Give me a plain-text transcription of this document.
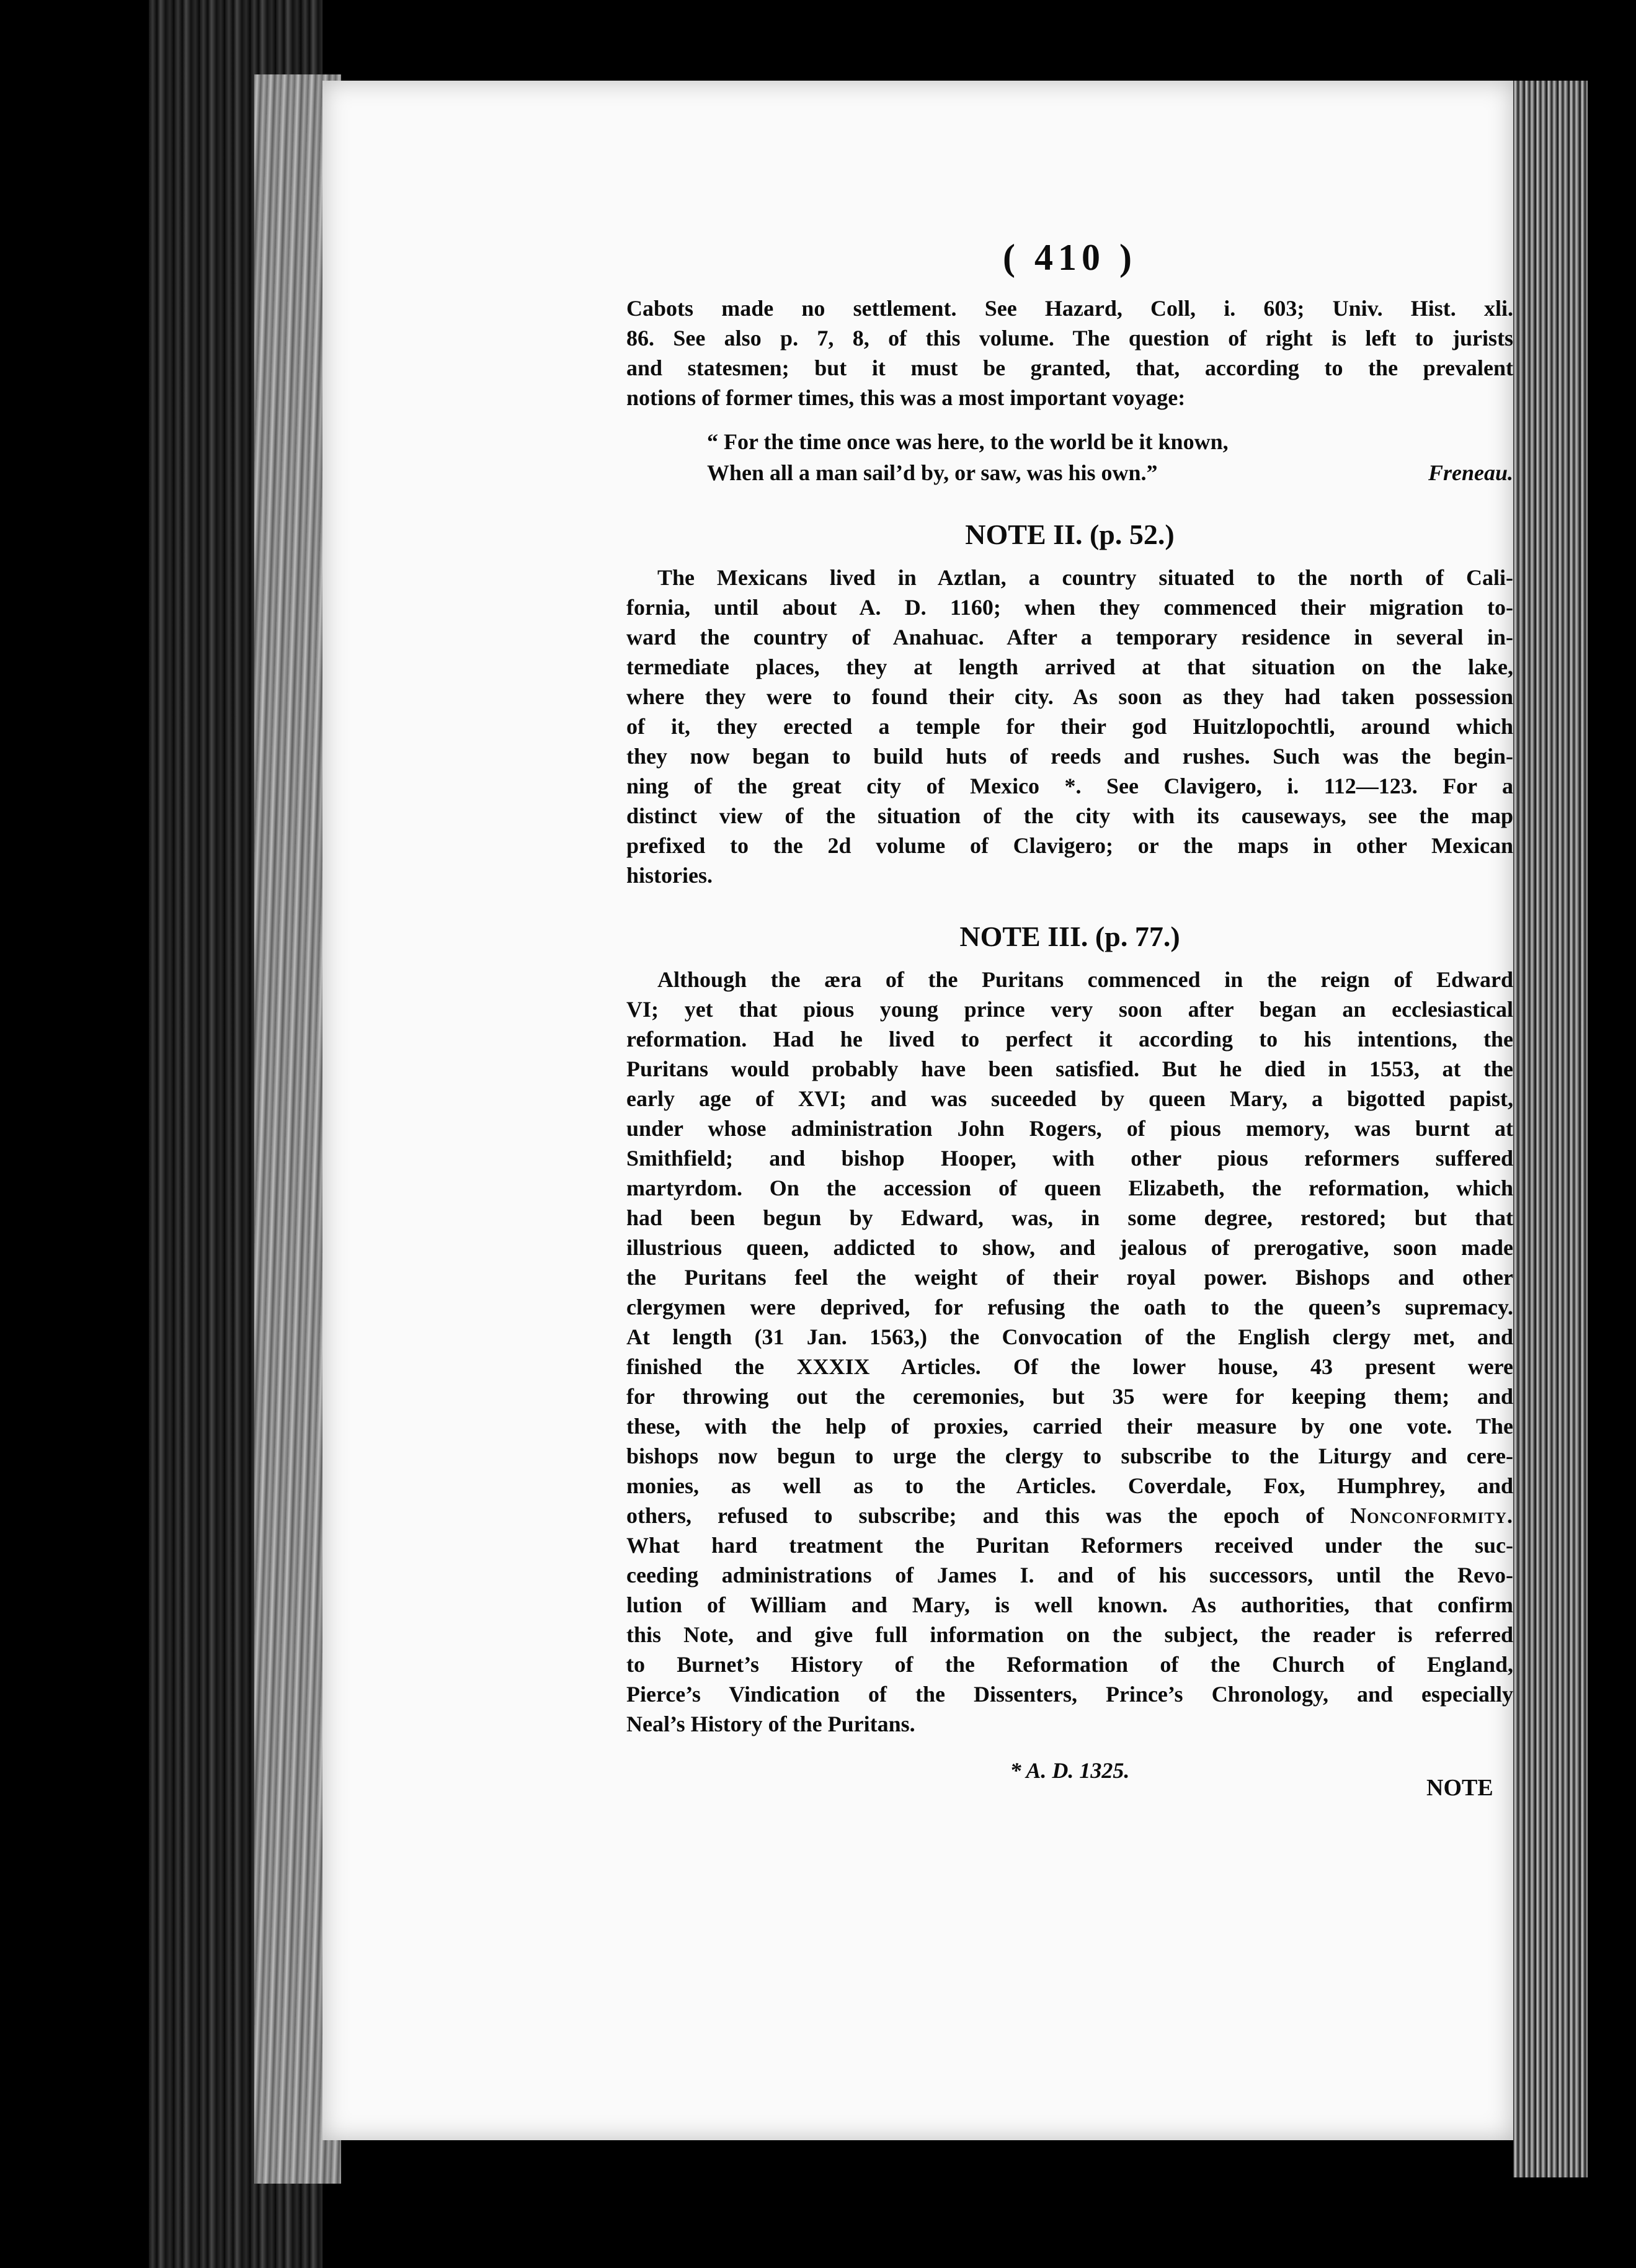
( 410 )
Cabots made no settlement. See Hazard, Coll, i. 603; Univ. Hist. xli.
86. See also p. 7, 8, of this volume. The question of right is left to jurists
and statesmen; but it must be granted, that, according to the prevalent
notions of former times, this was a most important voyage:
“ For the time once was here, to the world be it known,
When all a man sail’d by, or saw, was his own.”	Freneau.
NOTE II. (p. 52.)
The Mexicans lived in Aztlan, a country situated to the north of Cali-
fornia, until about A. D. 1160; when they commenced their migration to-
ward the country of Anahuac. After a temporary residence in several in-
termediate places, they at length arrived at that situation on the lake,
where they were to found their city. As soon as they had taken possession
of it, they erected a temple for their god Huitzlopochtli, around which
they now began to build huts of reeds and rushes. Such was the begin-
ning of the great city of Mexico *. See Clavigero, i. 112—123. For a
distinct view of the situation of the city with its causeways, see the map
prefixed to the 2d volume of Clavigero; or the maps in other Mexican
histories.
NOTE III. (p. 77.)
Although the æra of the Puritans commenced in the reign of Edward
VI; yet that pious young prince very soon after began an ecclesiastical
reformation. Had he lived to perfect it according to his intentions, the
Puritans would probably have been satisfied. But he died in 1553, at the
early age of XVI; and was suceeded by queen Mary, a bigotted papist,
under whose administration John Rogers, of pious memory, was burnt at
Smithfield; and bishop Hooper, with other pious reformers suffered
martyrdom. On the accession of queen Elizabeth, the reformation, which
had been begun by Edward, was, in some degree, restored; but that
illustrious queen, addicted to show, and jealous of prerogative, soon made
the Puritans feel the weight of their royal power. Bishops and other
clergymen were deprived, for refusing the oath to the queen’s supremacy.
At length (31 Jan. 1563,) the Convocation of the English clergy met, and
finished the XXXIX Articles. Of the lower house, 43 present were
for throwing out the ceremonies, but 35 were for keeping them; and
these, with the help of proxies, carried their measure by one vote. The
bishops now begun to urge the clergy to subscribe to the Liturgy and cere-
monies, as well as to the Articles. Coverdale, Fox, Humphrey, and
others, refused to subscribe; and this was the epoch of Nonconformity.
What hard treatment the Puritan Reformers received under the suc-
ceeding administrations of James I. and of his successors, until the Revo-
lution of William and Mary, is well known. As authorities, that confirm
this Note, and give full information on the subject, the reader is referred
to Burnet’s History of the Reformation of the Church of England,
Pierce’s Vindication of the Dissenters, Prince’s Chronology, and especially
Neal’s History of the Puritans.
* A. D. 1325.
NOTE
